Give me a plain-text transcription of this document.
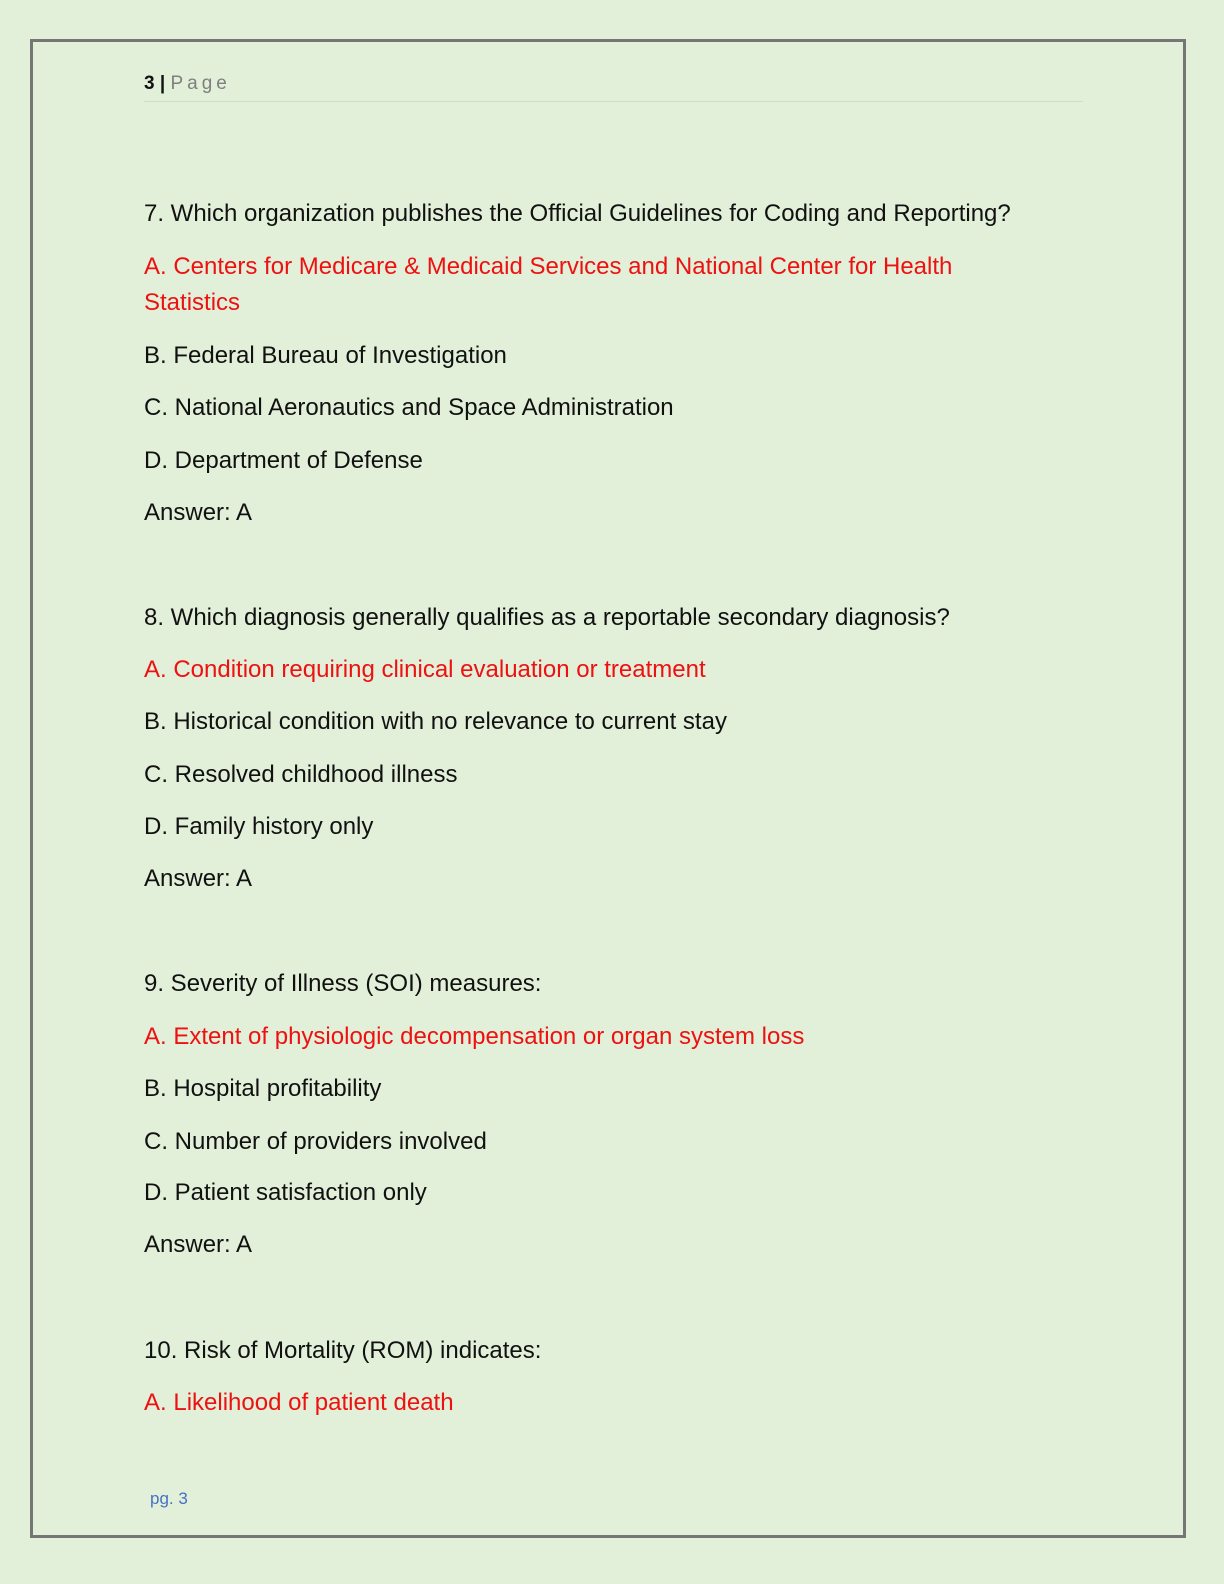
3 | Page
7. Which organization publishes the Official Guidelines for Coding and Reporting?
A. Centers for Medicare & Medicaid Services and National Center for Health
Statistics
B. Federal Bureau of Investigation
C. National Aeronautics and Space Administration
D. Department of Defense
Answer: A
8. Which diagnosis generally qualifies as a reportable secondary diagnosis?
A. Condition requiring clinical evaluation or treatment
B. Historical condition with no relevance to current stay
C. Resolved childhood illness
D. Family history only
Answer: A
9. Severity of Illness (SOI) measures:
A. Extent of physiologic decompensation or organ system loss
B. Hospital profitability
C. Number of providers involved
D. Patient satisfaction only
Answer: A
10. Risk of Mortality (ROM) indicates:
A. Likelihood of patient death
pg. 3
